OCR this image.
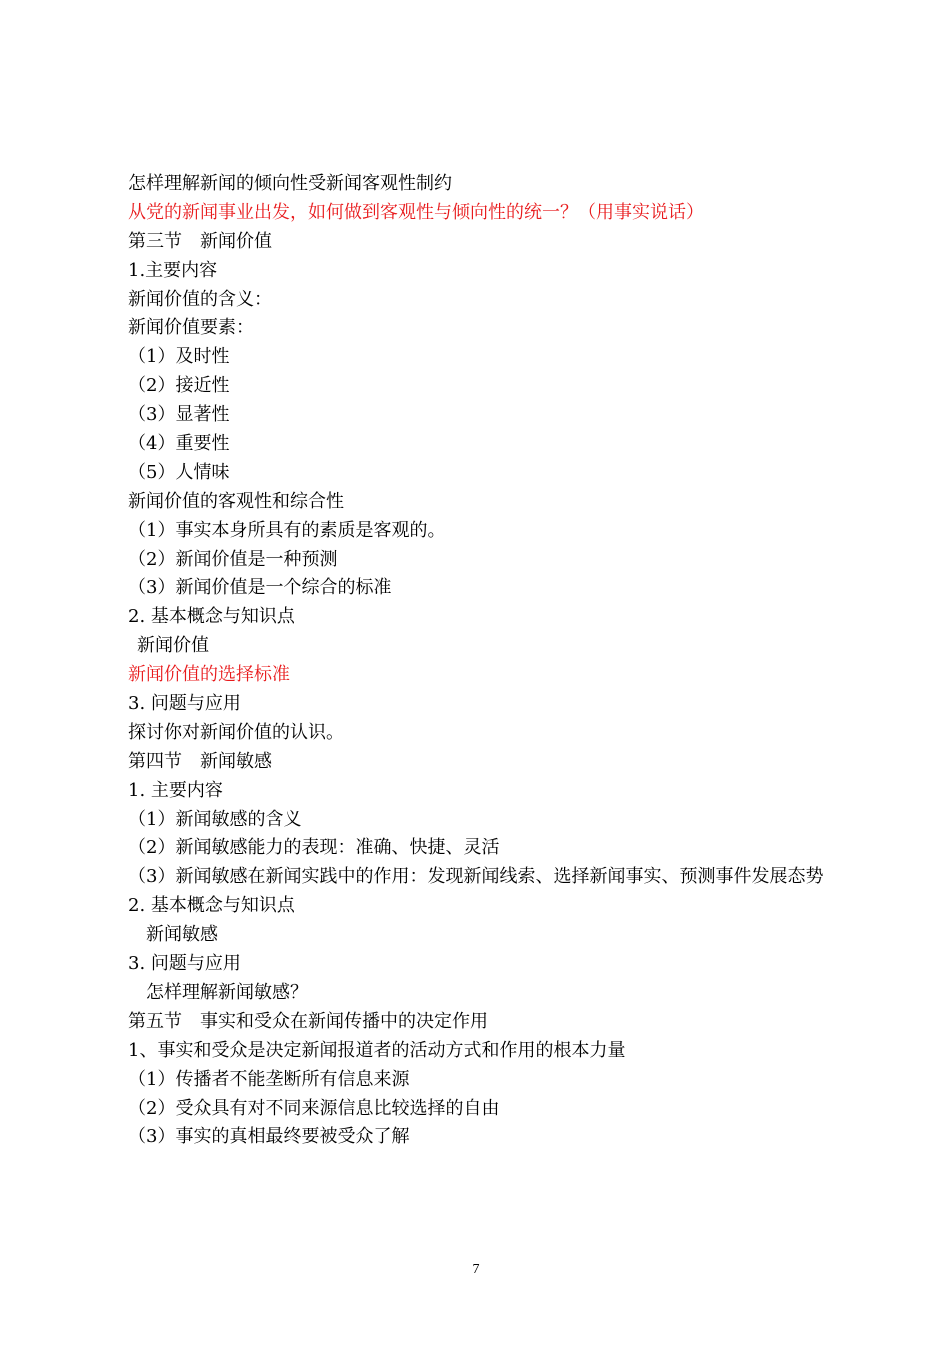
怎样理解新闻的倾向性受新闻客观性制约
从党的新闻事业出发，如何做到客观性与倾向性的统一？（用事实说话）
第三节　新闻价值
1.主要内容
新闻价值的含义：
新闻价值要素：
（1）及时性
（2）接近性
（3）显著性
（4）重要性
（5）人情味
新闻价值的客观性和综合性
（1）事实本身所具有的素质是客观的。
（2）新闻价值是一种预测
（3）新闻价值是一个综合的标准
2. 基本概念与知识点
新闻价值
新闻价值的选择标准
3. 问题与应用
探讨你对新闻价值的认识。
第四节　新闻敏感
1. 主要内容
（1）新闻敏感的含义
（2）新闻敏感能力的表现：准确、快捷、灵活
（3）新闻敏感在新闻实践中的作用：发现新闻线索、选择新闻事实、预测事件发展态势
2. 基本概念与知识点
新闻敏感
3. 问题与应用
怎样理解新闻敏感？
第五节　事实和受众在新闻传播中的决定作用
1、事实和受众是决定新闻报道者的活动方式和作用的根本力量
（1）传播者不能垄断所有信息来源
（2）受众具有对不同来源信息比较选择的自由
（3）事实的真相最终要被受众了解
7
